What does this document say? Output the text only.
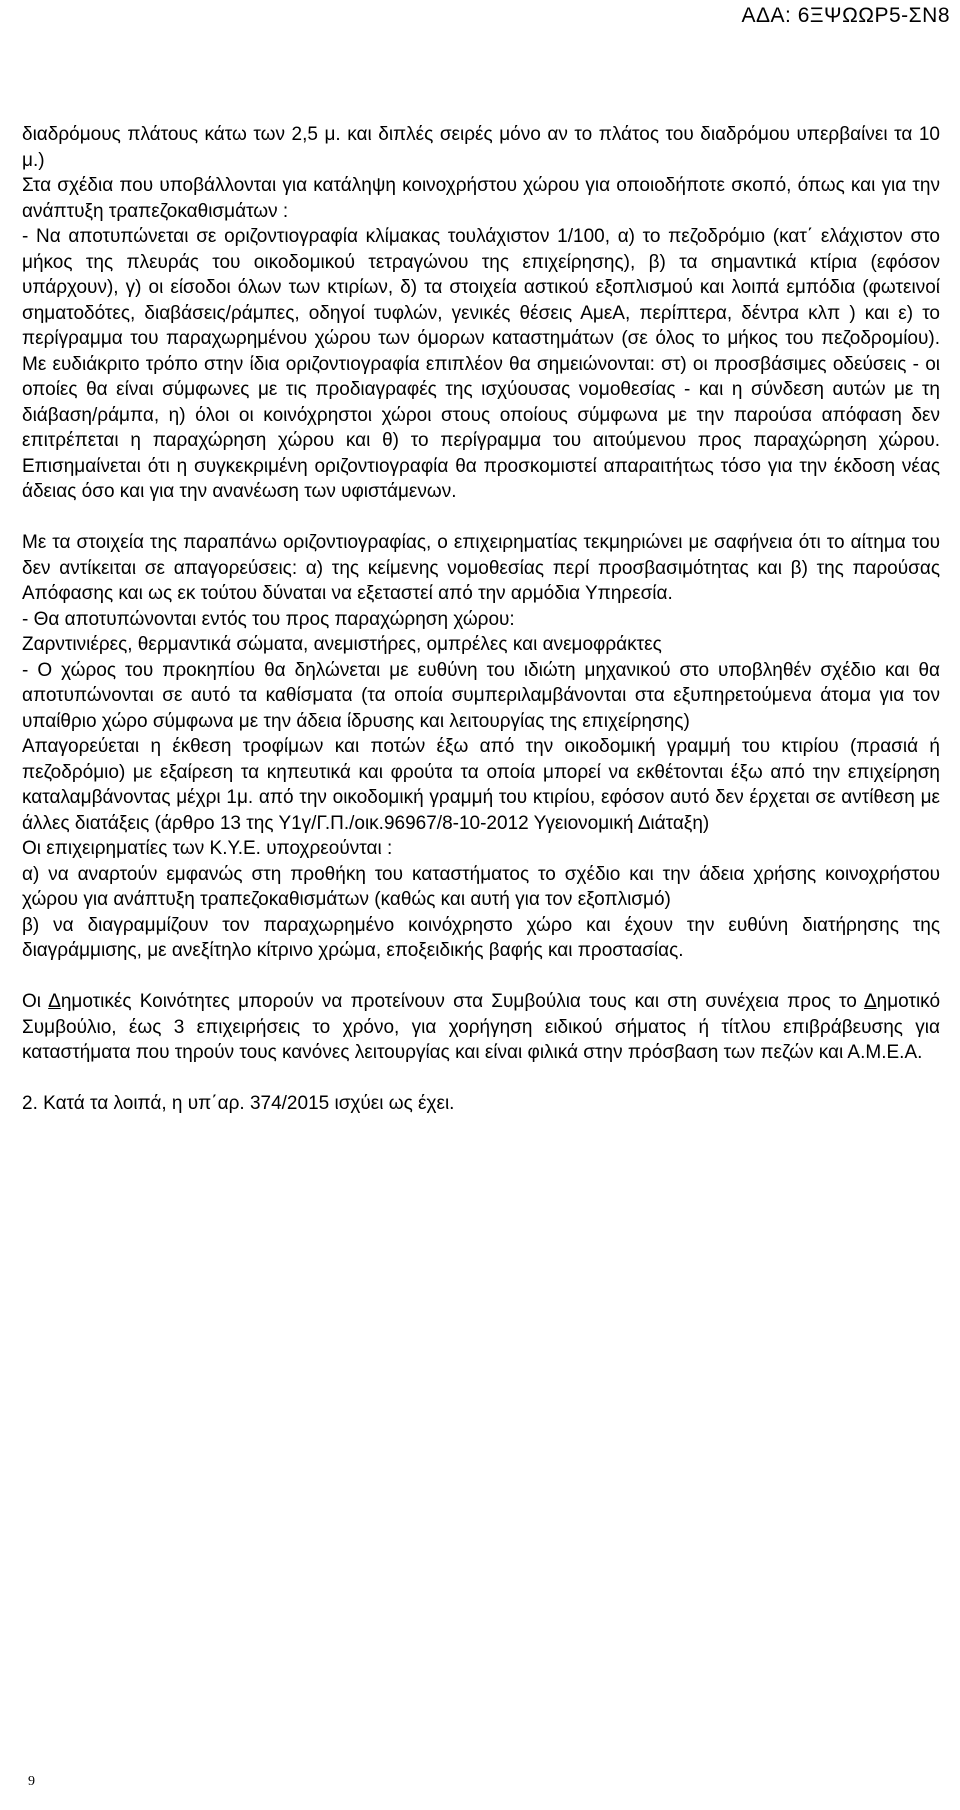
ΑΔΑ: 6ΞΨΩΩΡ5-ΣΝ8

διαδρόμους πλάτους κάτω των 2,5 μ. και διπλές σειρές μόνο αν το πλάτος του διαδρόμου υπερβαίνει τα 10 μ.)

Στα σχέδια που υποβάλλονται για κατάληψη κοινοχρήστου χώρου για οποιοδήποτε σκοπό, όπως και για την ανάπτυξη τραπεζοκαθισμάτων :

- Να αποτυπώνεται σε οριζοντιογραφία κλίμακας τουλάχιστον 1/100, α) το πεζοδρόμιο (κατ΄ ελάχιστον στο μήκος της πλευράς του οικοδομικού τετραγώνου της επιχείρησης), β) τα σημαντικά κτίρια (εφόσον υπάρχουν), γ) οι είσοδοι όλων των κτιρίων, δ) τα στοιχεία αστικού εξοπλισμού και λοιπά εμπόδια (φωτεινοί σηματοδότες, διαβάσεις/ράμπες, οδηγοί τυφλών, γενικές θέσεις ΑμεΑ, περίπτερα, δέντρα κλπ ) και ε) το περίγραμμα του παραχωρημένου χώρου των όμορων καταστημάτων (σε όλος το μήκος του πεζοδρομίου). Με ευδιάκριτο τρόπο στην ίδια οριζοντιογραφία επιπλέον θα σημειώνονται: στ) οι προσβάσιμες οδεύσεις - οι οποίες θα είναι σύμφωνες με τις προδιαγραφές της ισχύουσας νομοθεσίας - και η σύνδεση αυτών με τη διάβαση/ράμπα, η) όλοι οι κοινόχρηστοι χώροι στους οποίους σύμφωνα με την παρούσα απόφαση δεν επιτρέπεται η παραχώρηση χώρου και θ) το περίγραμμα του αιτούμενου προς παραχώρηση χώρου. Επισημαίνεται ότι η συγκεκριμένη οριζοντιογραφία θα προσκομιστεί απαραιτήτως τόσο για την έκδοση νέας άδειας όσο και για την ανανέωση των υφιστάμενων.

Με τα στοιχεία της παραπάνω οριζοντιογραφίας, ο επιχειρηματίας τεκμηριώνει με σαφήνεια ότι το αίτημα του δεν αντίκειται σε απαγορεύσεις: α) της κείμενης νομοθεσίας περί προσβασιμότητας και β) της παρούσας Απόφασης και ως εκ τούτου δύναται να εξεταστεί από την αρμόδια Υπηρεσία.

- Θα αποτυπώνονται εντός του προς παραχώρηση χώρου:

Ζαρντινιέρες, θερμαντικά σώματα, ανεμιστήρες, ομπρέλες και ανεμοφράκτες

- Ο χώρος του προκηπίου θα δηλώνεται με ευθύνη του ιδιώτη μηχανικού στο υποβληθέν σχέδιο και θα αποτυπώνονται σε αυτό τα καθίσματα (τα οποία συμπεριλαμβάνονται στα εξυπηρετούμενα άτομα για τον υπαίθριο χώρο σύμφωνα με την άδεια ίδρυσης και λειτουργίας της επιχείρησης)

Απαγορεύεται η έκθεση τροφίμων και ποτών έξω από την οικοδομική γραμμή του κτιρίου (πρασιά ή πεζοδρόμιο) με εξαίρεση τα κηπευτικά και φρούτα τα οποία μπορεί να εκθέτονται έξω από την επιχείρηση καταλαμβάνοντας μέχρι 1μ. από την οικοδομική γραμμή του κτιρίου, εφόσον αυτό δεν έρχεται σε αντίθεση με άλλες διατάξεις (άρθρο 13 της Υ1γ/Γ.Π./οικ.96967/8-10-2012 Υγειονομική Διάταξη)

Οι επιχειρηματίες των Κ.Υ.Ε. υποχρεούνται :

α) να αναρτούν εμφανώς στη προθήκη του καταστήματος το σχέδιο και την άδεια χρήσης κοινοχρήστου χώρου για ανάπτυξη τραπεζοκαθισμάτων (καθώς και αυτή για τον εξοπλισμό)

β) να διαγραμμίζουν τον παραχωρημένο κοινόχρηστο χώρο και έχουν την ευθύνη διατήρησης της διαγράμμισης, με ανεξίτηλο κίτρινο χρώμα, εποξειδικής βαφής και προστασίας.

Οι Δημοτικές Κοινότητες μπορούν να προτείνουν στα Συμβούλια τους και στη συνέχεια προς το Δημοτικό Συμβούλιο, έως 3 επιχειρήσεις το χρόνο, για χορήγηση ειδικού σήματος ή τίτλου επιβράβευσης για καταστήματα που τηρούν τους κανόνες λειτουργίας και είναι φιλικά στην πρόσβαση των πεζών και Α.Μ.Ε.Α.

2. Κατά τα λοιπά, η υπ΄αρ. 374/2015 ισχύει ως έχει.

9
